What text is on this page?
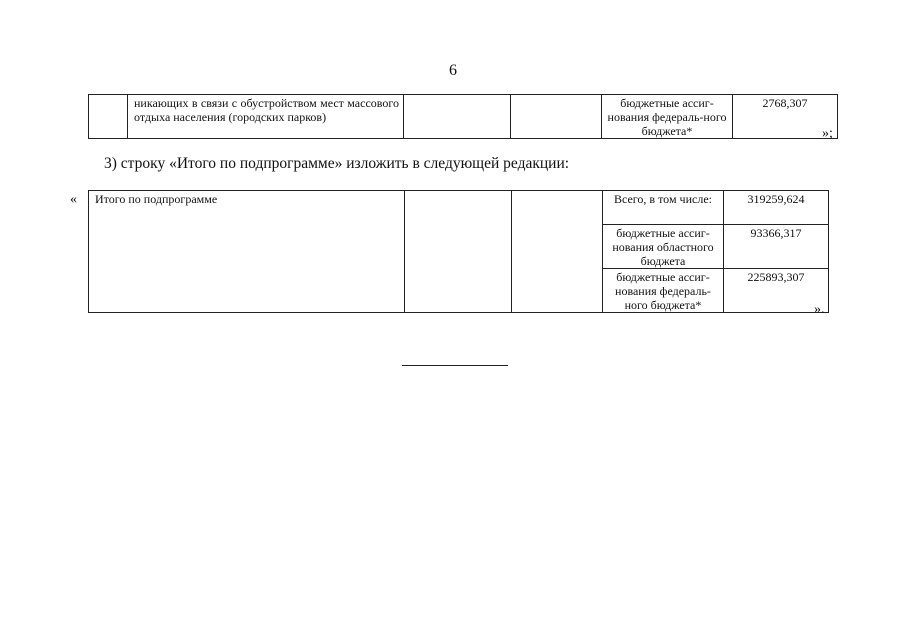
6
	никающих в связи с обустройством мест массового отдыха населения (городских парков)			бюджетные ассиг-нования федераль-ного бюджета*	2768,307
»;
3) строку «Итого по подпрограмме» изложить в следующей редакции:
« Итого по подпрограмме			Всего, в том числе:	319259,624
			бюджетные ассиг-нования областного бюджета	93366,317
			бюджетные ассиг-нования федераль-ного бюджета*	225893,307
».
